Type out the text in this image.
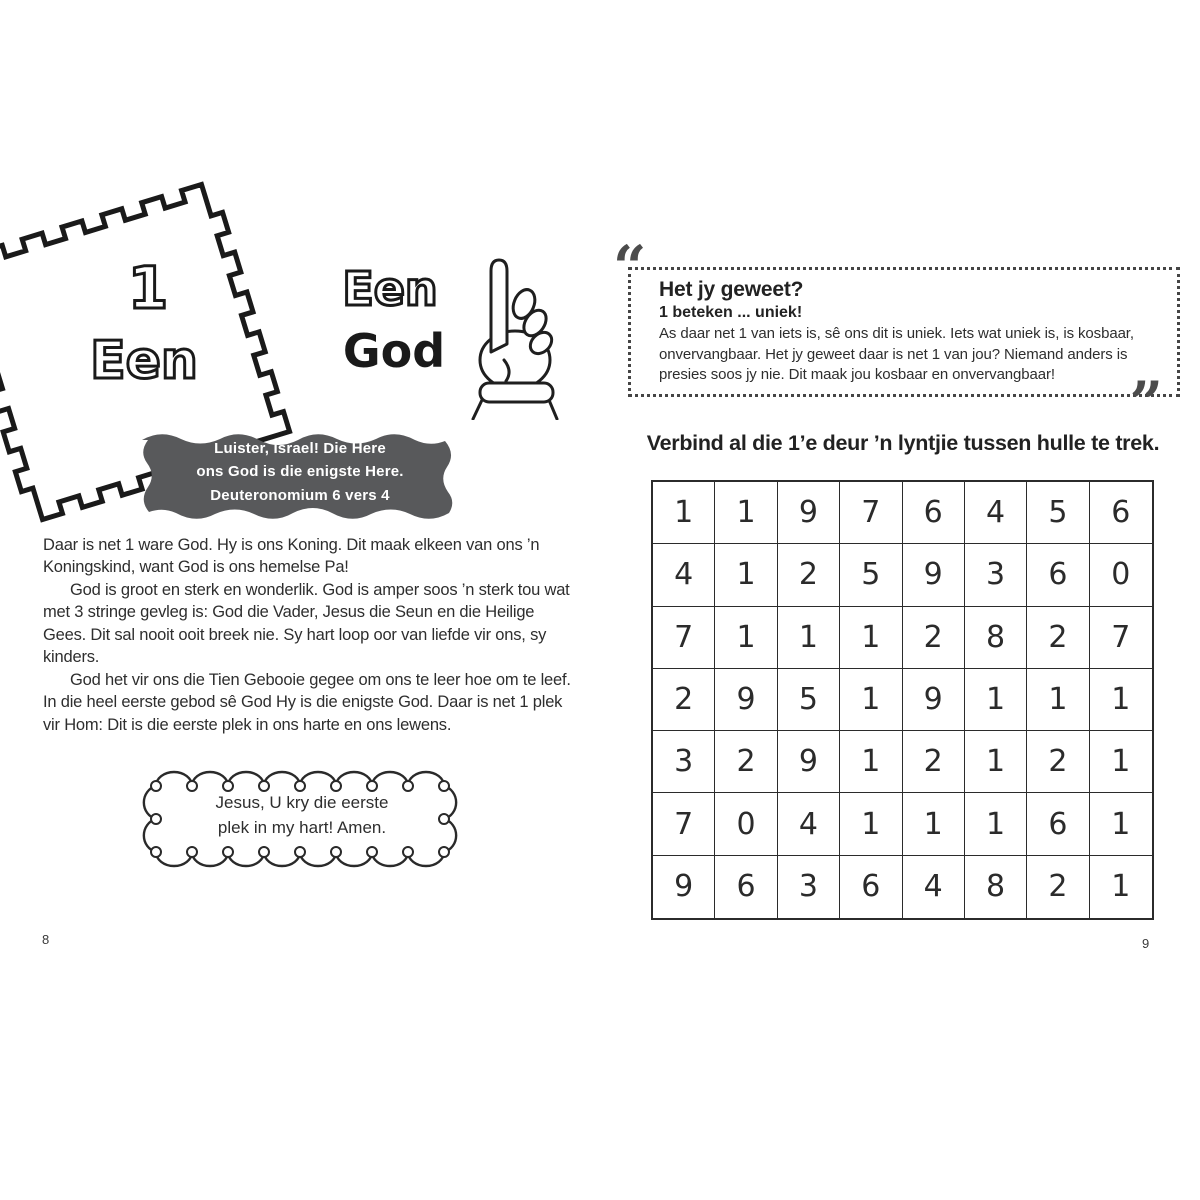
1
Een
Een
God
Luister, Israel! Die Here
ons God is die enigste Here.
Deuteronomium 6 vers 4

Daar is net 1 ware God. Hy is ons Koning. Dit maak elkeen van ons ’n Koningskind, want God is ons hemelse Pa!

God is groot en sterk en wonderlik. God is amper soos ’n sterk tou wat met 3 stringe gevleg is: God die Vader, Jesus die Seun en die Heilige Gees. Dit sal nooit ooit breek nie. Sy hart loop oor van liefde vir ons, sy kinders.

God het vir ons die Tien Gebooie gegee om ons te leer hoe om te leef. In die heel eerste gebod sê God Hy is die enigste God. Daar is net 1 plek vir Hom: Dit is die eerste plek in ons harte en ons lewens.

Jesus, U kry die eerste
plek in my hart! Amen.
8
“
”
Het jy geweet?
1 beteken ... uniek!
As daar net 1 van iets is, sê ons dit is uniek. Iets wat uniek is, is kosbaar, onvervangbaar. Het jy geweet daar is net 1 van jou? Niemand anders is presies soos jy nie. Dit maak jou kosbaar en onvervangbaar!
Verbind al die 1’e deur ’n lyntjie tussen hulle te trek.
1	1	9	7	6	4	5	6
4	1	2	5	9	3	6	0
7	1	1	1	2	8	2	7
2	9	5	1	9	1	1	1
3	2	9	1	2	1	2	1
7	0	4	1	1	1	6	1
9	6	3	6	4	8	2	1
9
